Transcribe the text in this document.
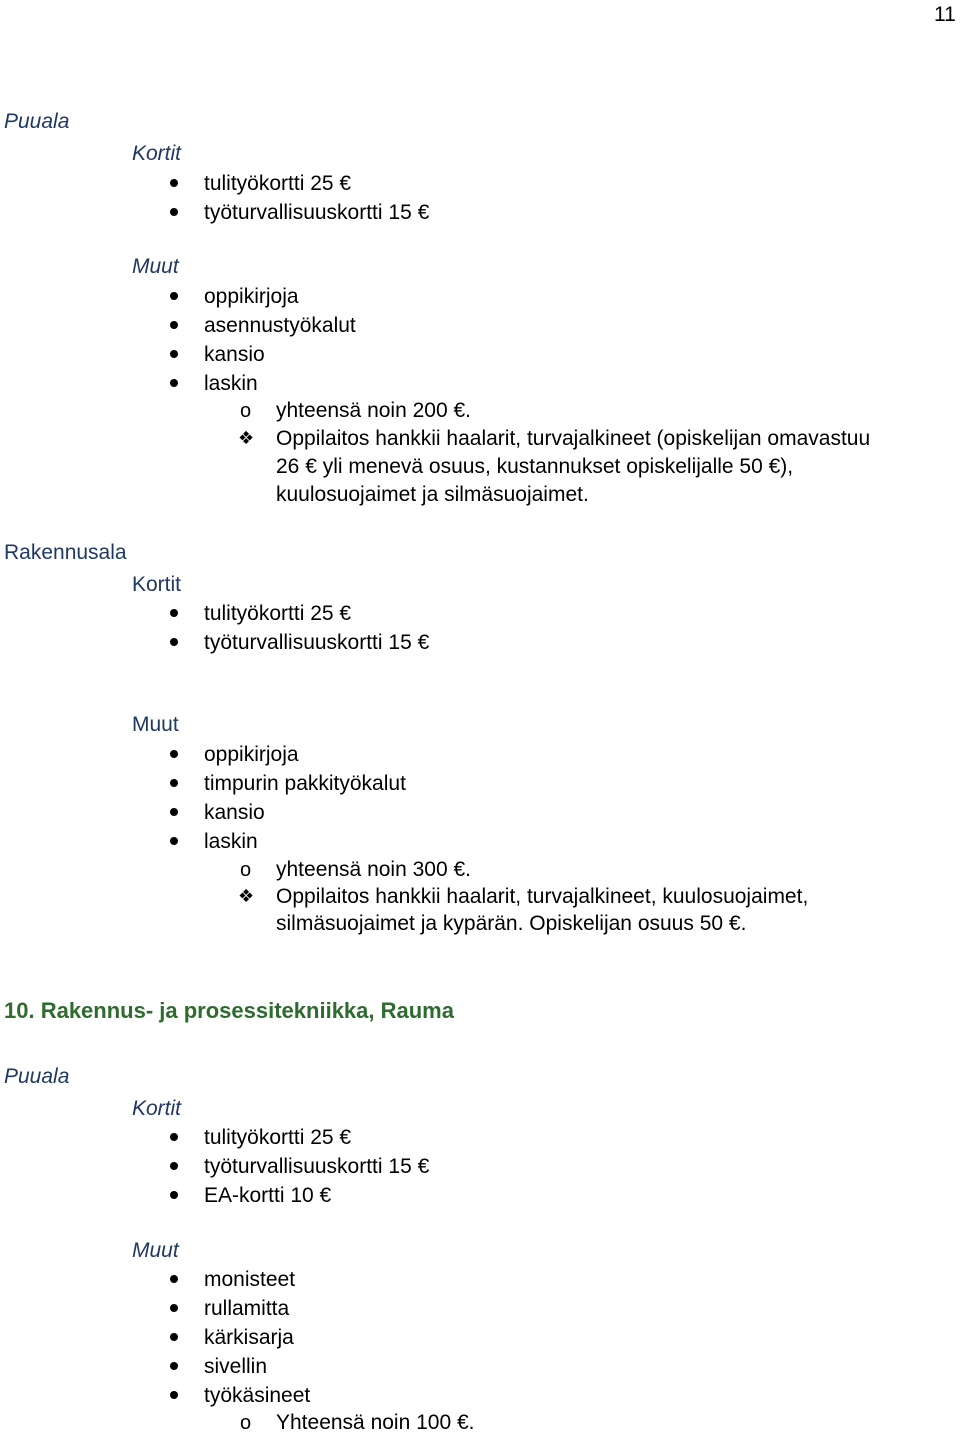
11
Puuala
Kortit
tulityökortti 25 €
työturvallisuuskortti 15 €
Muut
oppikirjoja
asennustyökalut
kansio
laskin
o yhteensä noin 200 €.
❖ Oppilaitos hankkii haalarit, turvajalkineet (opiskelijan omavastuu
26 € yli menevä osuus, kustannukset opiskelijalle 50 €),
kuulosuojaimet ja silmäsuojaimet.
Rakennusala
Kortit
tulityökortti 25 €
työturvallisuuskortti 15 €
Muut
oppikirjoja
timpurin pakkityökalut
kansio
laskin
o yhteensä noin 300 €.
❖ Oppilaitos hankkii haalarit, turvajalkineet, kuulosuojaimet,
silmäsuojaimet ja kypärän. Opiskelijan osuus 50 €.
10. Rakennus- ja prosessitekniikka, Rauma
Puuala
Kortit
tulityökortti 25 €
työturvallisuuskortti 15 €
EA-kortti 10 €
Muut
monisteet
rullamitta
kärkisarja
sivellin
työkäsineet
o Yhteensä noin 100 €.
